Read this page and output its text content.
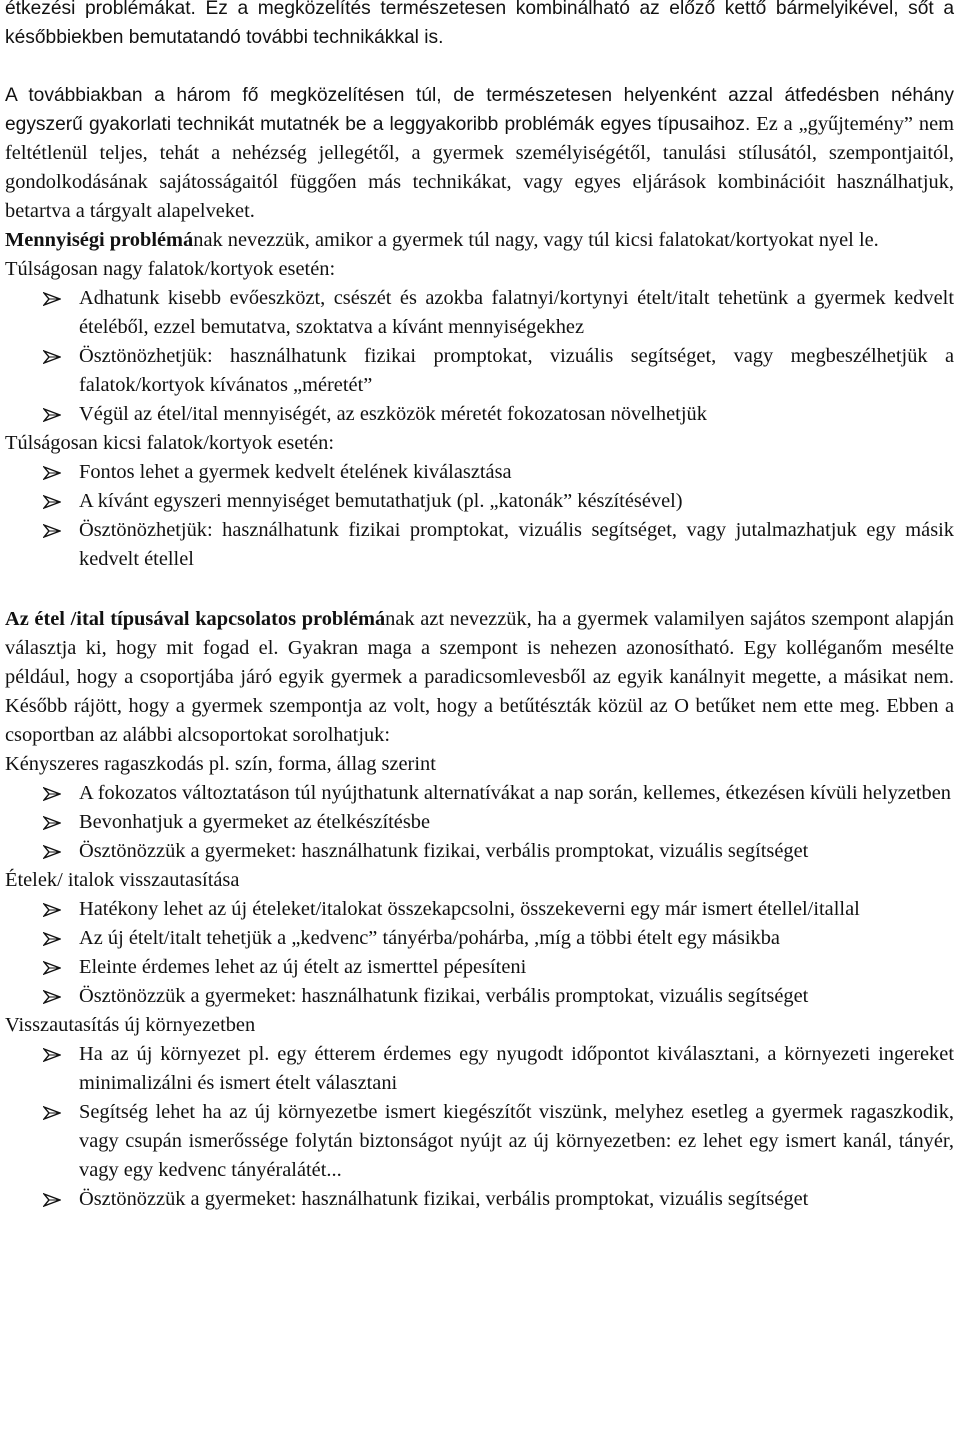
étkezési problémákat. Ez a megközelítés természetesen kombinálható az előző kettő bármelyikével, sőt a későbbiekben bemutatandó további technikákkal is.

A továbbiakban a három fő megközelítésen túl, de természetesen helyenként azzal átfedésben néhány egyszerű gyakorlati technikát mutatnék be a leggyakoribb problémák egyes típusaihoz. Ez a „gyűjtemény” nem feltétlenül teljes, tehát a nehézség jellegétől, a gyermek személyiségétől, tanulási stílusától, szempontjaitól, gondolkodásának sajátosságaitól függően más technikákat, vagy egyes eljárások kombinációit használhatjuk, betartva a tárgyalt alapelveket.

Mennyiségi problémának nevezzük, amikor a gyermek túl nagy, vagy túl kicsi falatokat/kortyokat nyel le.

Túlságosan nagy falatok/kortyok esetén:

Adhatunk kisebb evőeszközt, csészét és azokba falatnyi/kortynyi ételt/italt tehetünk a gyermek kedvelt ételéből, ezzel bemutatva, szoktatva a kívánt mennyiségekhez
Ösztönözhetjük: használhatunk fizikai promptokat, vizuális segítséget, vagy megbeszélhetjük a falatok/kortyok kívánatos „méretét”
Végül az étel/ital mennyiségét, az eszközök méretét fokozatosan növelhetjük

Túlságosan kicsi falatok/kortyok esetén:

Fontos lehet a gyermek kedvelt ételének kiválasztása
A kívánt egyszeri mennyiséget bemutathatjuk (pl. „katonák” készítésével)
Ösztönözhetjük: használhatunk fizikai promptokat, vizuális segítséget, vagy jutalmazhatjuk egy másik kedvelt étellel

Az étel /ital típusával kapcsolatos problémának azt nevezzük, ha a gyermek valamilyen sajátos szempont alapján választja ki, hogy mit fogad el. Gyakran maga a szempont is nehezen azonosítható. Egy kolléganőm mesélte például, hogy a csoportjába járó egyik gyermek a paradicsomlevesből az egyik kanálnyit megette, a másikat nem. Később rájött, hogy a gyermek szempontja az volt, hogy a betűtészták közül az O betűket nem ette meg. Ebben a csoportban az alábbi alcsoportokat sorolhatjuk:

Kényszeres ragaszkodás pl. szín, forma, állag szerint

A fokozatos változtatáson túl nyújthatunk alternatívákat a nap során, kellemes, étkezésen kívüli helyzetben
Bevonhatjuk a gyermeket az ételkészítésbe
Ösztönözzük a gyermeket: használhatunk fizikai, verbális promptokat, vizuális segítséget

Ételek/ italok visszautasítása

Hatékony lehet az új ételeket/italokat összekapcsolni, összekeverni egy már ismert étellel/itallal
Az új ételt/italt tehetjük a „kedvenc” tányérba/pohárba, ,míg a többi ételt egy másikba
Eleinte érdemes lehet az új ételt az ismerttel pépesíteni
Ösztönözzük a gyermeket: használhatunk fizikai, verbális promptokat, vizuális segítséget

Visszautasítás új környezetben

Ha az új környezet pl. egy étterem érdemes egy nyugodt időpontot kiválasztani, a környezeti ingereket minimalizálni és ismert ételt választani
Segítség lehet ha az új környezetbe ismert kiegészítőt viszünk, melyhez esetleg a gyermek ragaszkodik, vagy csupán ismerőssége folytán biztonságot nyújt az új környezetben: ez lehet egy ismert kanál, tányér, vagy egy kedvenc tányéralátét...
Ösztönözzük a gyermeket: használhatunk fizikai, verbális promptokat, vizuális segítséget
